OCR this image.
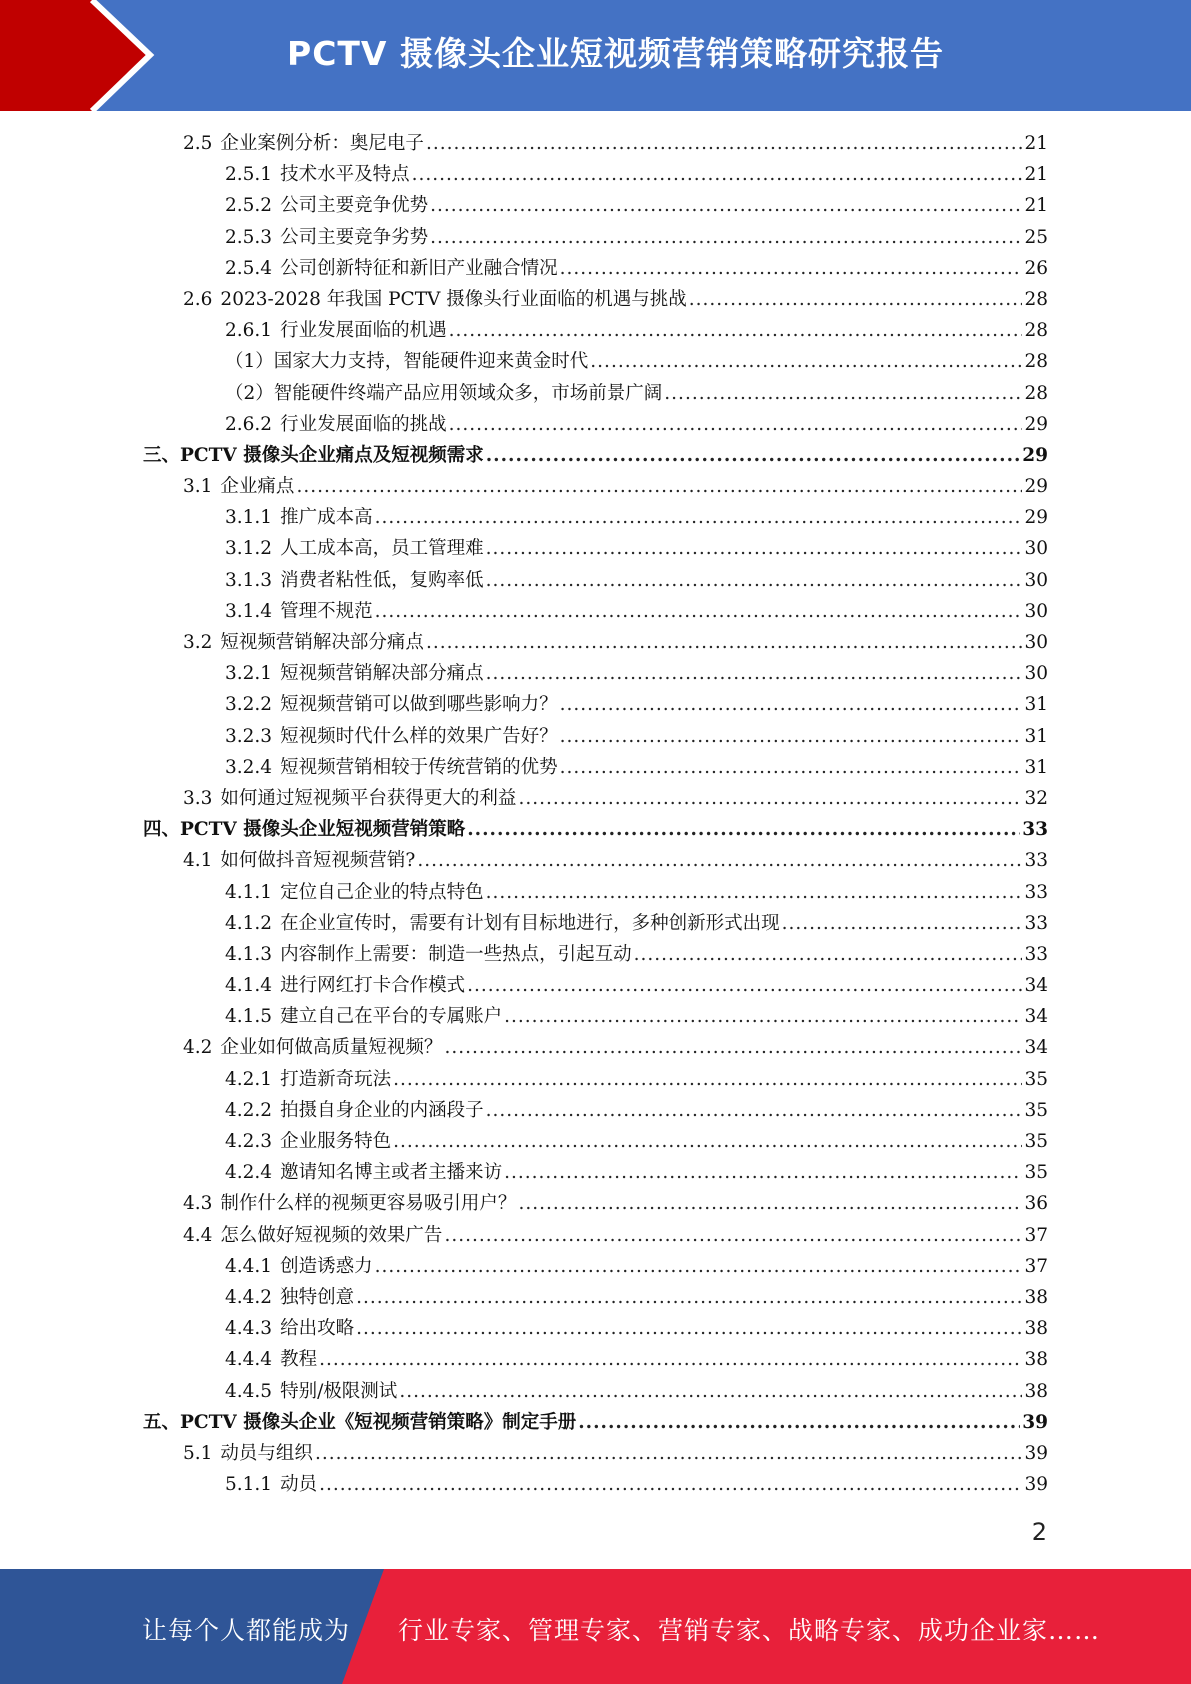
PCTV 摄像头企业短视频营销策略研究报告
2.5 企业案例分析：奥尼电子 .....	21
2.5.1 技术水平及特点 .....	21
2.5.2 公司主要竞争优势 .....	21
2.5.3 公司主要竞争劣势 .....	25
2.5.4 公司创新特征和新旧产业融合情况 .....	26
2.6 2023-2028 年我国 PCTV 摄像头行业面临的机遇与挑战 .....	28
2.6.1 行业发展面临的机遇 .....	28
（1） 国家大力支持，智能硬件迎来黄金时代 .....	28
（2） 智能硬件终端产品应用领域众多，市场前景广阔 .....	28
2.6.2 行业发展面临的挑战 .....	29
三、 PCTV 摄像头企业痛点及短视频需求 .....	29
3.1 企业痛点 .....	29
3.1.1 推广成本高 .....	29
3.1.2 人工成本高，员工管理难 .....	30
3.1.3 消费者粘性低，复购率低 .....	30
3.1.4 管理不规范 .....	30
3.2 短视频营销解决部分痛点 .....	30
3.2.1 短视频营销解决部分痛点 .....	30
3.2.2 短视频营销可以做到哪些影响力？ .....	31
3.2.3 短视频时代什么样的效果广告好？ .....	31
3.2.4 短视频营销相较于传统营销的优势 .....	31
3.3 如何通过短视频平台获得更大的利益 .....	32
四、 PCTV 摄像头企业短视频营销策略 .....	33
4.1 如何做抖音短视频营销? .....	33
4.1.1 定位自己企业的特点特色 .....	33
4.1.2 在企业宣传时，需要有计划有目标地进行，多种创新形式出现 .....	33
4.1.3 内容制作上需要：制造一些热点，引起互动 .....	33
4.1.4 进行网红打卡合作模式 .....	34
4.1.5 建立自己在平台的专属账户 .....	34
4.2 企业如何做高质量短视频？ .....	34
4.2.1 打造新奇玩法 .....	35
4.2.2 拍摄自身企业的内涵段子 .....	35
4.2.3 企业服务特色 .....	35
4.2.4 邀请知名博主或者主播来访 .....	35
4.3 制作什么样的视频更容易吸引用户？ .....	36
4.4 怎么做好短视频的效果广告 .....	37
4.4.1 创造诱惑力 .....	37
4.4.2 独特创意 .....	38
4.4.3 给出攻略 .....	38
4.4.4 教程 .....	38
4.4.5 特别/极限测试 .....	38
五、 PCTV 摄像头企业《短视频营销策略》制定手册 .....	39
5.1 动员与组织 .....	39
5.1.1 动员 .....	39
2
让每个人都能成为 行业专家、管理专家、营销专家、战略专家、成功企业家……
